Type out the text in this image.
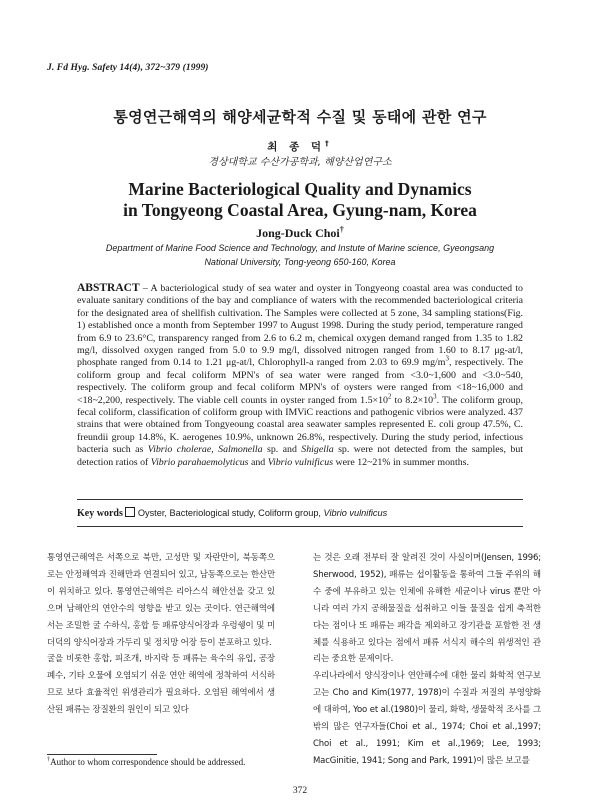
J. Fd Hyg. Safety 14(4), 372~379 (1999)
통영연근해역의 해양세균학적 수질 및 동태에 관한 연구
최 종 덕†
경상대학교 수산가공학과, 해양산업연구소
Marine Bacteriological Quality and Dynamics
in Tongyeong Coastal Area, Gyung-nam, Korea
Jong-Duck Choi†
Department of Marine Food Science and Technology, and Instute of Marine science, Gyeongsang
National University, Tong-yeong 650-160, Korea
ABSTRACT – A bacteriological study of sea water and oyster in Tongyeong coastal area was conducted to evaluate sanitary conditions of the bay and compliance of waters with the recommended bacteriological criteria for the designated area of shellfish cultivation. The Samples were collected at 5 zone, 34 sampling stations(Fig. 1) established once a month from September 1997 to August 1998. During the study period, temperature ranged from 6.9 to 23.6°C, transparency ranged from 2.6 to 6.2 m, chemical oxygen demand ranged from 1.35 to 1.82 mg/l, dissolved oxygen ranged from 5.0 to 9.9 mg/l, dissolved nitrogen ranged from 1.60 to 8.17 μg-at/l, phosphate ranged from 0.14 to 1.21 μg-at/l, Chlorophyll-a ranged from 2.03 to 69.9 $mg/m^3$, respectively. The coliform group and fecal coliform MPN's of sea water were ranged from <3.0~1,600 and <3.0~540, respectively. The coliform group and fecal coliform MPN's of oysters were ranged from <18~16,000 and <18~2,200, respectively. The viable cell counts in oyster ranged from $1.5\times 10^2$ to $8.2\times 10^3$. The coliform group, fecal coliform, classification of coliform group with IMViC reactions and pathogenic vibrios were analyzed. 437 strains that were obtained from Tongyeoung coastal area seawater samples represented E. coli group 47.5%, C. freundii group 14.8%, K. aerogenes 10.9%, unknown 26.8%, respectively. During the study period, infectious bacteria such as Vibrio cholerae, Salmonella sp. and Shigella sp. were not detected from the samples, but detection ratios of Vibrio parahaemolyticus and Vibrio vulnificus were 12~21% in summer months.
Key words Oyster, Bacteriological study, Coliform group, Vibrio vulnificus

통영연근해역은 서쪽으로 북만, 고성만 및 자란만이, 북동쪽으로는 안정해역과 진해만과 연결되어 있고, 남동쪽으로는 한산만이 위치하고 있다. 통영연근해역은 리아스식 해안선을 갖고 있으며 남해안의 연안수의 영향을 받고 있는 곳이다. 연근해역에서는 조밀한 굴 수하식, 홍합 등 패류양식어장과 우렁쉥이 및 미더덕의 양식어장과 가두리 및 정치망 어장 등이 분포하고 있다.

굴을 비롯한 홍합, 피조개, 바지락 등 패류는 육수의 유입, 공장 폐수, 기타 오물에 오염되기 쉬운 연안 해역에 정착하여 서식하므로 보다 효율적인 위생관리가 필요하다. 오염된 해역에서 생산된 패류는 장질환의 원인이 되고 있다

는 것은 오래 전부터 잘 알려진 것이 사실이며(Jensen, 1996; Sherwood, 1952), 패류는 섭이활동을 통하여 그들 주위의 해수 중에 부유하고 있는 인체에 유해한 세균이나 virus 뿐만 아니라 여러 가지 공해물질을 섭취하고 이들 물질을 쉽게 축적한다는 점이나 또 패류는 패각을 제외하고 장기관을 포함한 전 생체를 식용하고 있다는 점에서 패류 서식지 해수의 위생적인 관리는 중요한 문제이다.

우리나라에서 양식장이나 연안해수에 대한 물리 화학적 연구보고는 Cho and Kim(1977, 1978)이 수질과 저질의 부영양화에 대하여, Yoo et al.(1980)이 물리, 화학, 생물학적 조사를 그 밖의 많은 연구자들(Choi et al., 1974; Choi et al.,1997; Choi et al., 1991; Kim et al.,1969; Lee, 1993; MacGinitie, 1941; Song and Park, 1991)이 많은 보고를

†Author to whom correspondence should be addressed.
372
